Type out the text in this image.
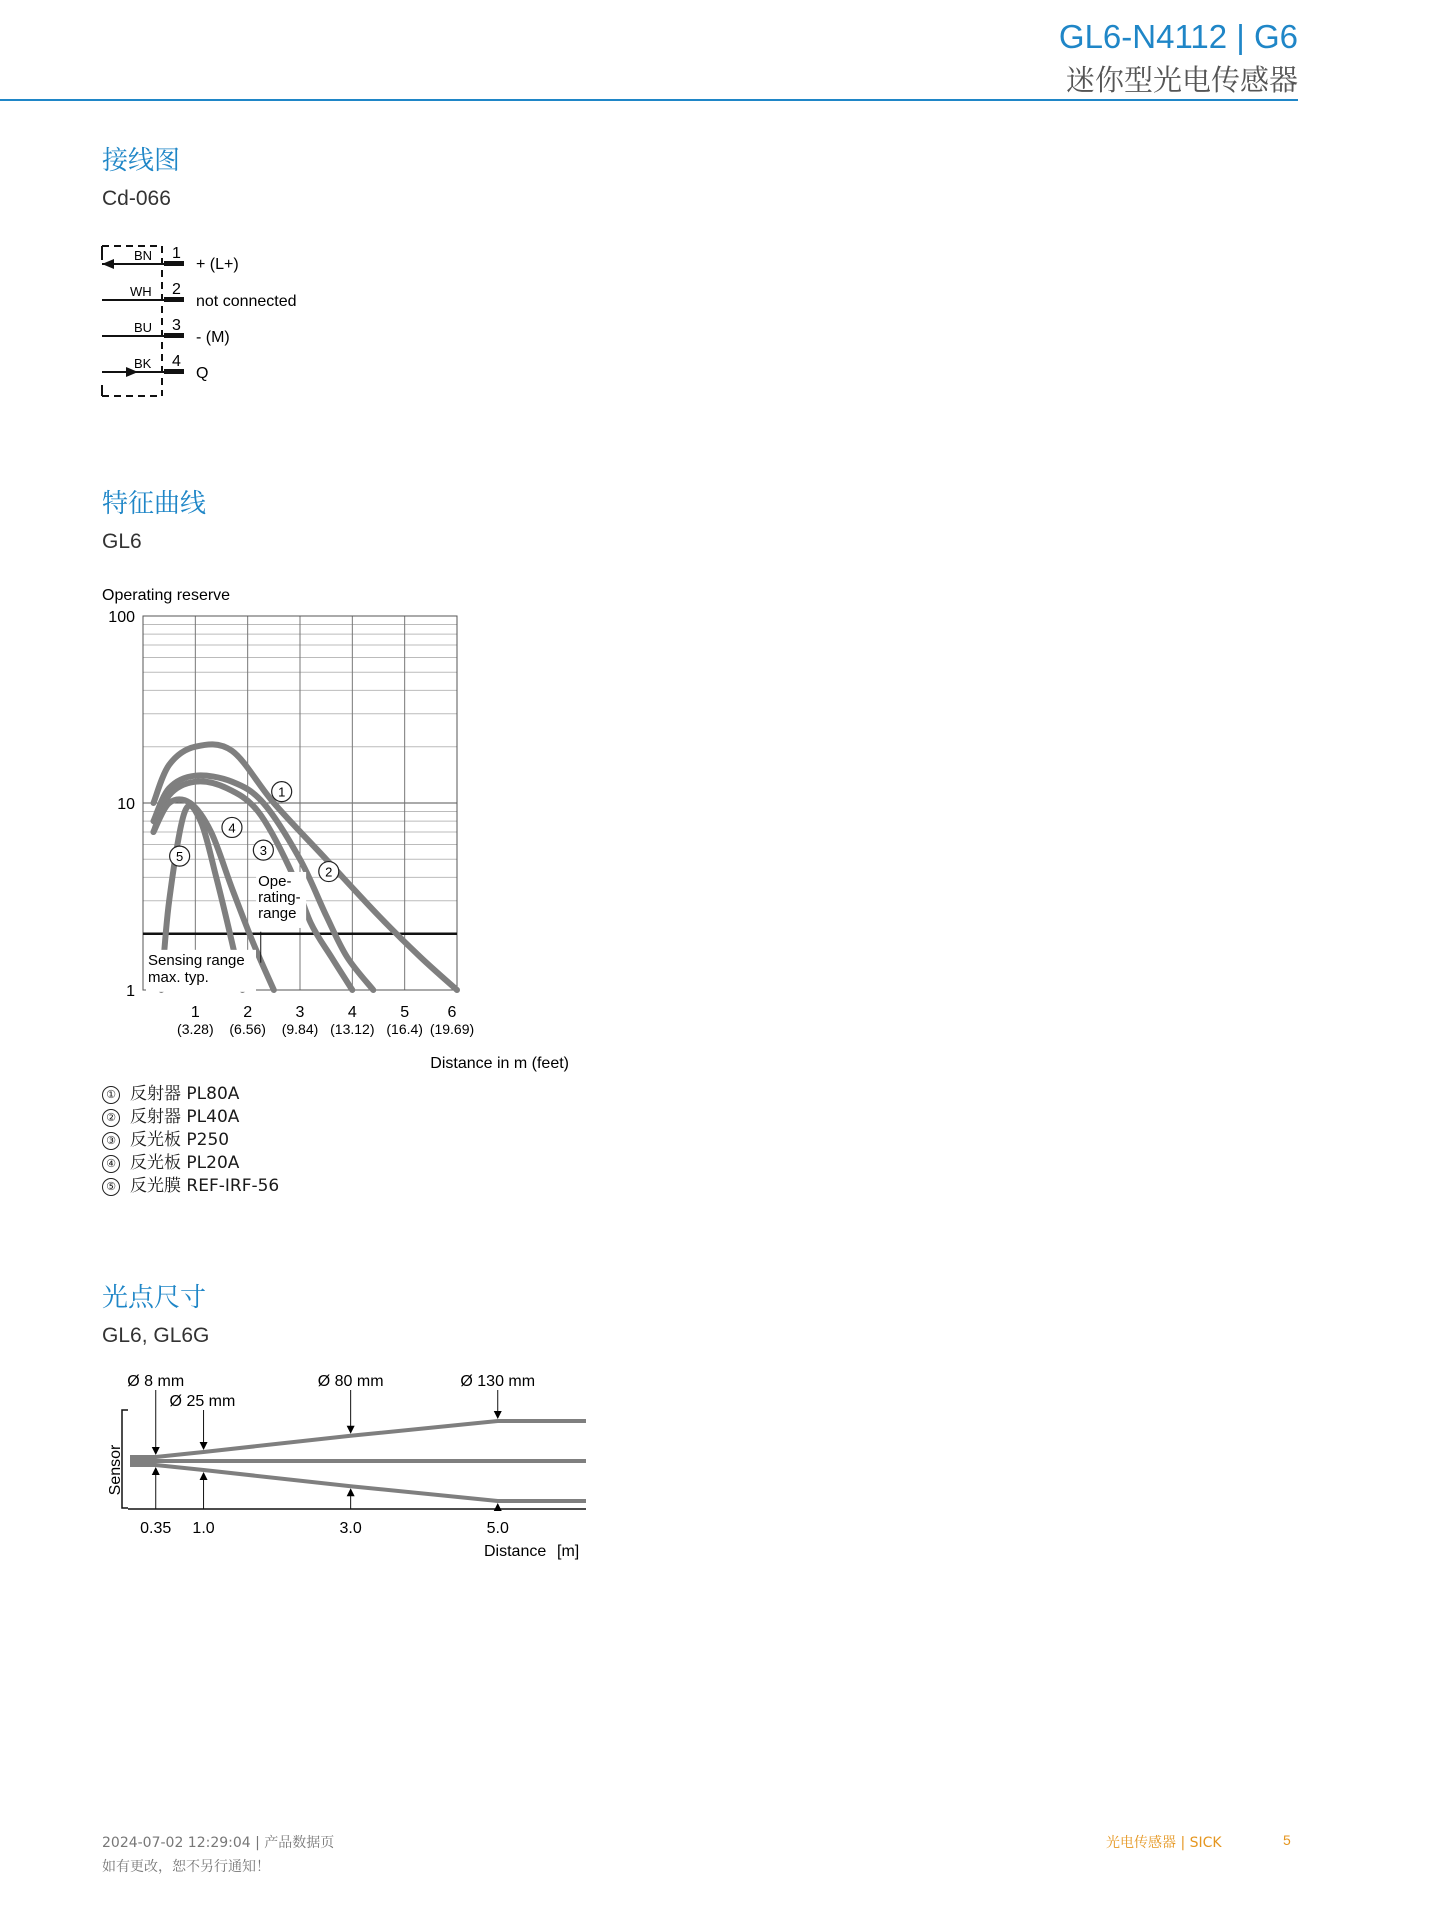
GL6-N4112 | G6
迷你型光电传感器
接线图
Cd-066
BN
WH
BU
BK
1
2
3
4
+ (L+)
not connected
- (M)
Q
特征曲线
GL6
Operating reserve
1
2
3
4
5
100
10
1
1
(3.28)
2
(6.56)
3
(9.84)
4
(13.12)
5
(16.4)
6
(19.69)
Sensing range
max. typ.
Ope-
rating-
range
Distance in m (feet)
① 反射器 PL80A
② 反射器 PL40A
③ 反光板 P250
④ 反光板 PL20A
⑤ 反光膜 REF-IRF-56
光点尺寸
GL6, GL6G
Sensor
Ø 8 mm
0.35
Ø 25 mm
1.0
Ø 80 mm
3.0
Ø 130 mm
5.0
Distance [m]
2024-07-02 12:29:04 | 产品数据页
如有更改，恕不另行通知！
光电传感器 | SICK	5
